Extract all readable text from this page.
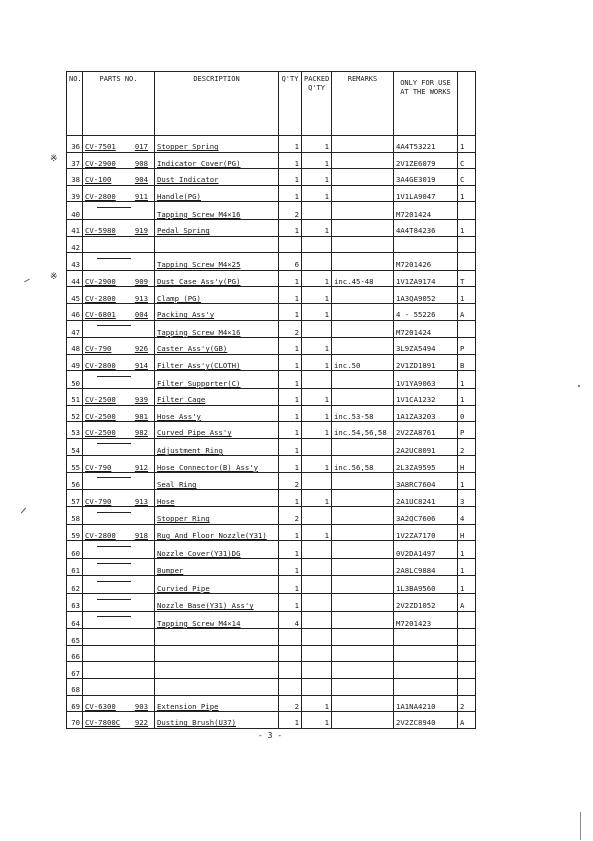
NO.	PARTS NO.	DESCRIPTION	Q'TY	PACKED Q'TY	REMARKS	ONLY FOR USE AT THE WORKS	
36	CV-7501 017	Stopper Spring	1	1		4A4T53221	1
37	CV-2900 908	Indicator Cover(PG)	1	1		2V1ZE6079	C
38	CV-100 904	Dust Indicator	1	1		3A4GE3019	C
39	CV-2800 911	Handle(PG)	1	1		1V1LA9047	1
40		Tapping Screw M4×16	2			M7201424	
41	CV-5980 919	Pedal Spring	1	1		4A4T84236	1
42	

43		Tapping Screw M4×25	6			M7201426	
44	CV-2900 909	Dust Case Ass'y(PG)	1	1	inc.45-48	1V1ZA9174	T
45	CV-2800 913	Clamp (PG)	1	1		1A3QA9052	1
46	CV-6801 004	Packing Ass'y	1	1		4 - 55226	A
47		Tapping Screw M4×16	2			M7201424	
48	CV-790 926	Caster Ass'y(GB)	1	1		3L9ZA5494	P
49	CV-2800 914	Filter Ass'y(CLOTH)	1	1	inc.50	2V1ZD1891	B
50		Filter Supporter(C)	1			1V1YA9063	1
51	CV-2500 939	Filter Cage	1	1		1V1CA1232	1
52	CV-2500 981	Hose Ass'y	1	1	inc.53-58	1A1ZA3203	0
53	CV-2500 982	Curved Pipe Ass'y	1	1	inc.54,56,58	2V2ZA8761	P
54		Adjustment Ring	1			2A2UC8091	2
55	CV-790 912	Hose Connector(B) Ass'y	1	1	inc.56,58	2L3ZA9595	H
56		Seal Ring	2			3A8RC7604	1
57	CV-790 913	Hose	1	1		2A1UC8241	3
58		Stopper Ring	2			3A2QC7606	4
59	CV-2800 918	Rug And Floor Nozzle(Y31)	1	1		1V2ZA7170	H
60		Nozzle Cover(Y31)DG	1			0V2DA1497	1
61		Bumper	1			2A8LC9884	1
62		Curvied Pipe	1			1L3BA9560	1
63		Nozzle Base(Y31) Ass'y	1			2V2ZD1052	A
64		Tapping Screw M4×14	4			M7201423	
65	

66	

67	

68	

69	CV-6300 903	Extension Pipe	2	1		1A1NA4210	2
70	CV-7800C 922	Dusting Brush(U37)	1	1		2V2ZC8940	A
※
※
- 3 -
